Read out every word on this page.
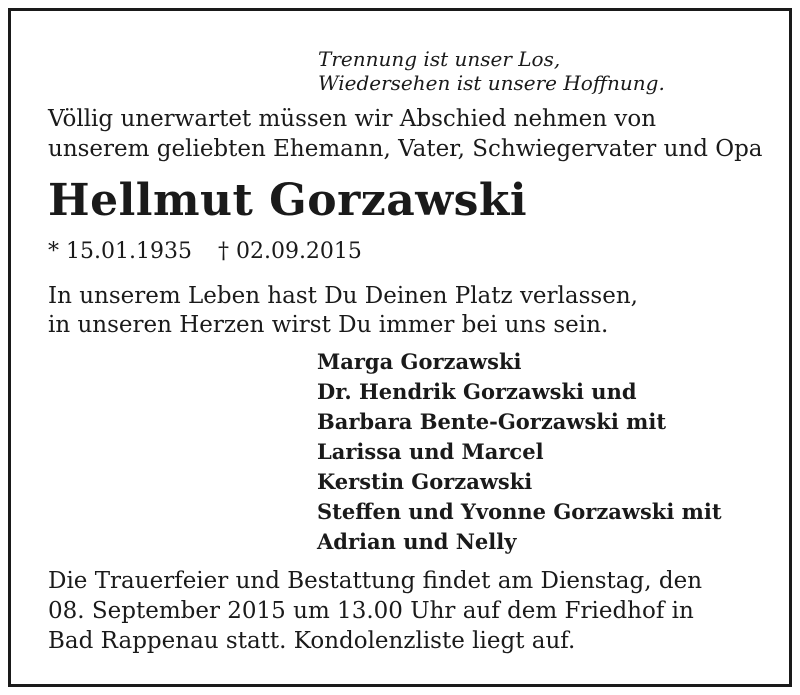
Trennung ist unser Los,

Wiedersehen ist unsere Hoffnung.

Völlig unerwartet müssen wir Abschied nehmen von

unserem geliebten Ehemann, Vater, Schwiegervater und Opa

Hellmut Gorzawski
* 15.01.1935 † 02.09.2015

In unserem Leben hast Du Deinen Platz verlassen,

in unseren Herzen wirst Du immer bei uns sein.

Marga Gorzawski
Dr. Hendrik Gorzawski und
Barbara Bente-Gorzawski mit
Larissa und Marcel
Kerstin Gorzawski
Steffen und Yvonne Gorzawski mit
Adrian und Nelly

Die Trauerfeier und Bestattung findet am Dienstag, den

08. September 2015 um 13.00 Uhr auf dem Friedhof in

Bad Rappenau statt. Kondolenzliste liegt auf.
